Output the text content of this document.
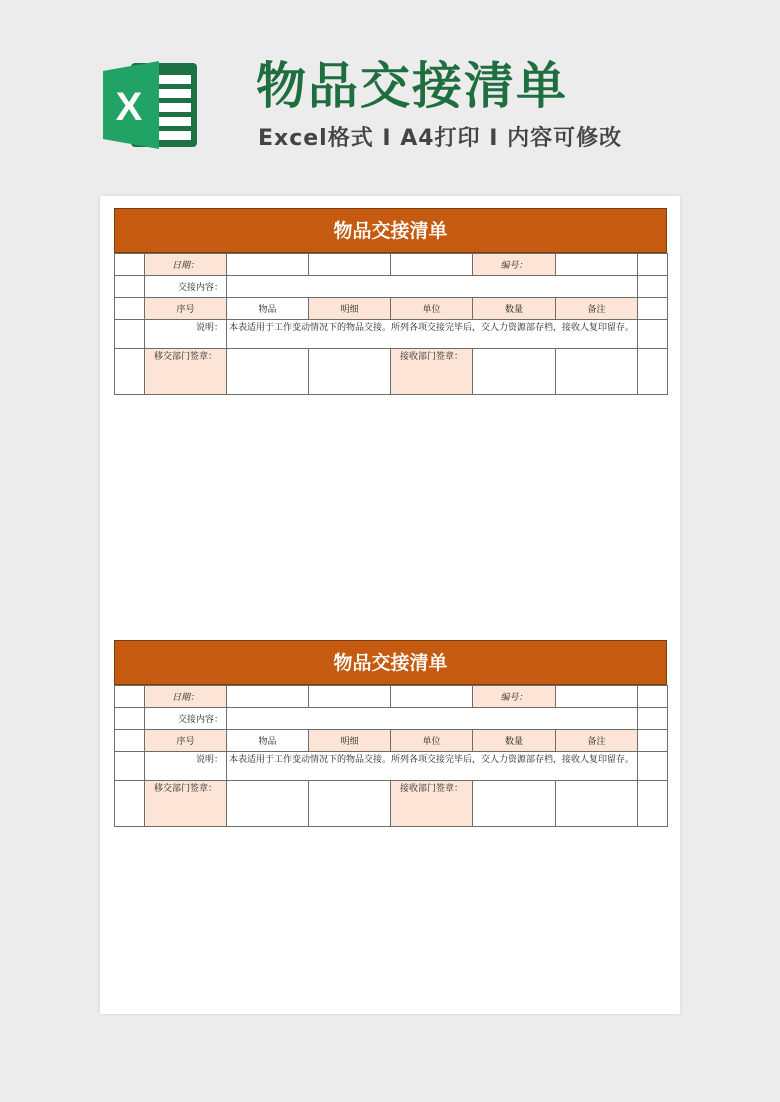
X 物品交接清单

Excel格式 I A4打印 I 内容可修改

物品交接清单
	日期：				编号：		
	交接内容：						
	序号	物品	明细	单位	数量	备注	
	说明：	本表适用于工作变动情况下的物品交接。所列各项交接完毕后，交人力资源部存档，接收人复印留存。					
	移交部门签章：			接收部门签章：			
物品交接清单
	日期：				编号：		
	交接内容：						
	序号	物品	明细	单位	数量	备注	
	说明：	本表适用于工作变动情况下的物品交接。所列各项交接完毕后，交人力资源部存档，接收人复印留存。					
	移交部门签章：			接收部门签章：			
